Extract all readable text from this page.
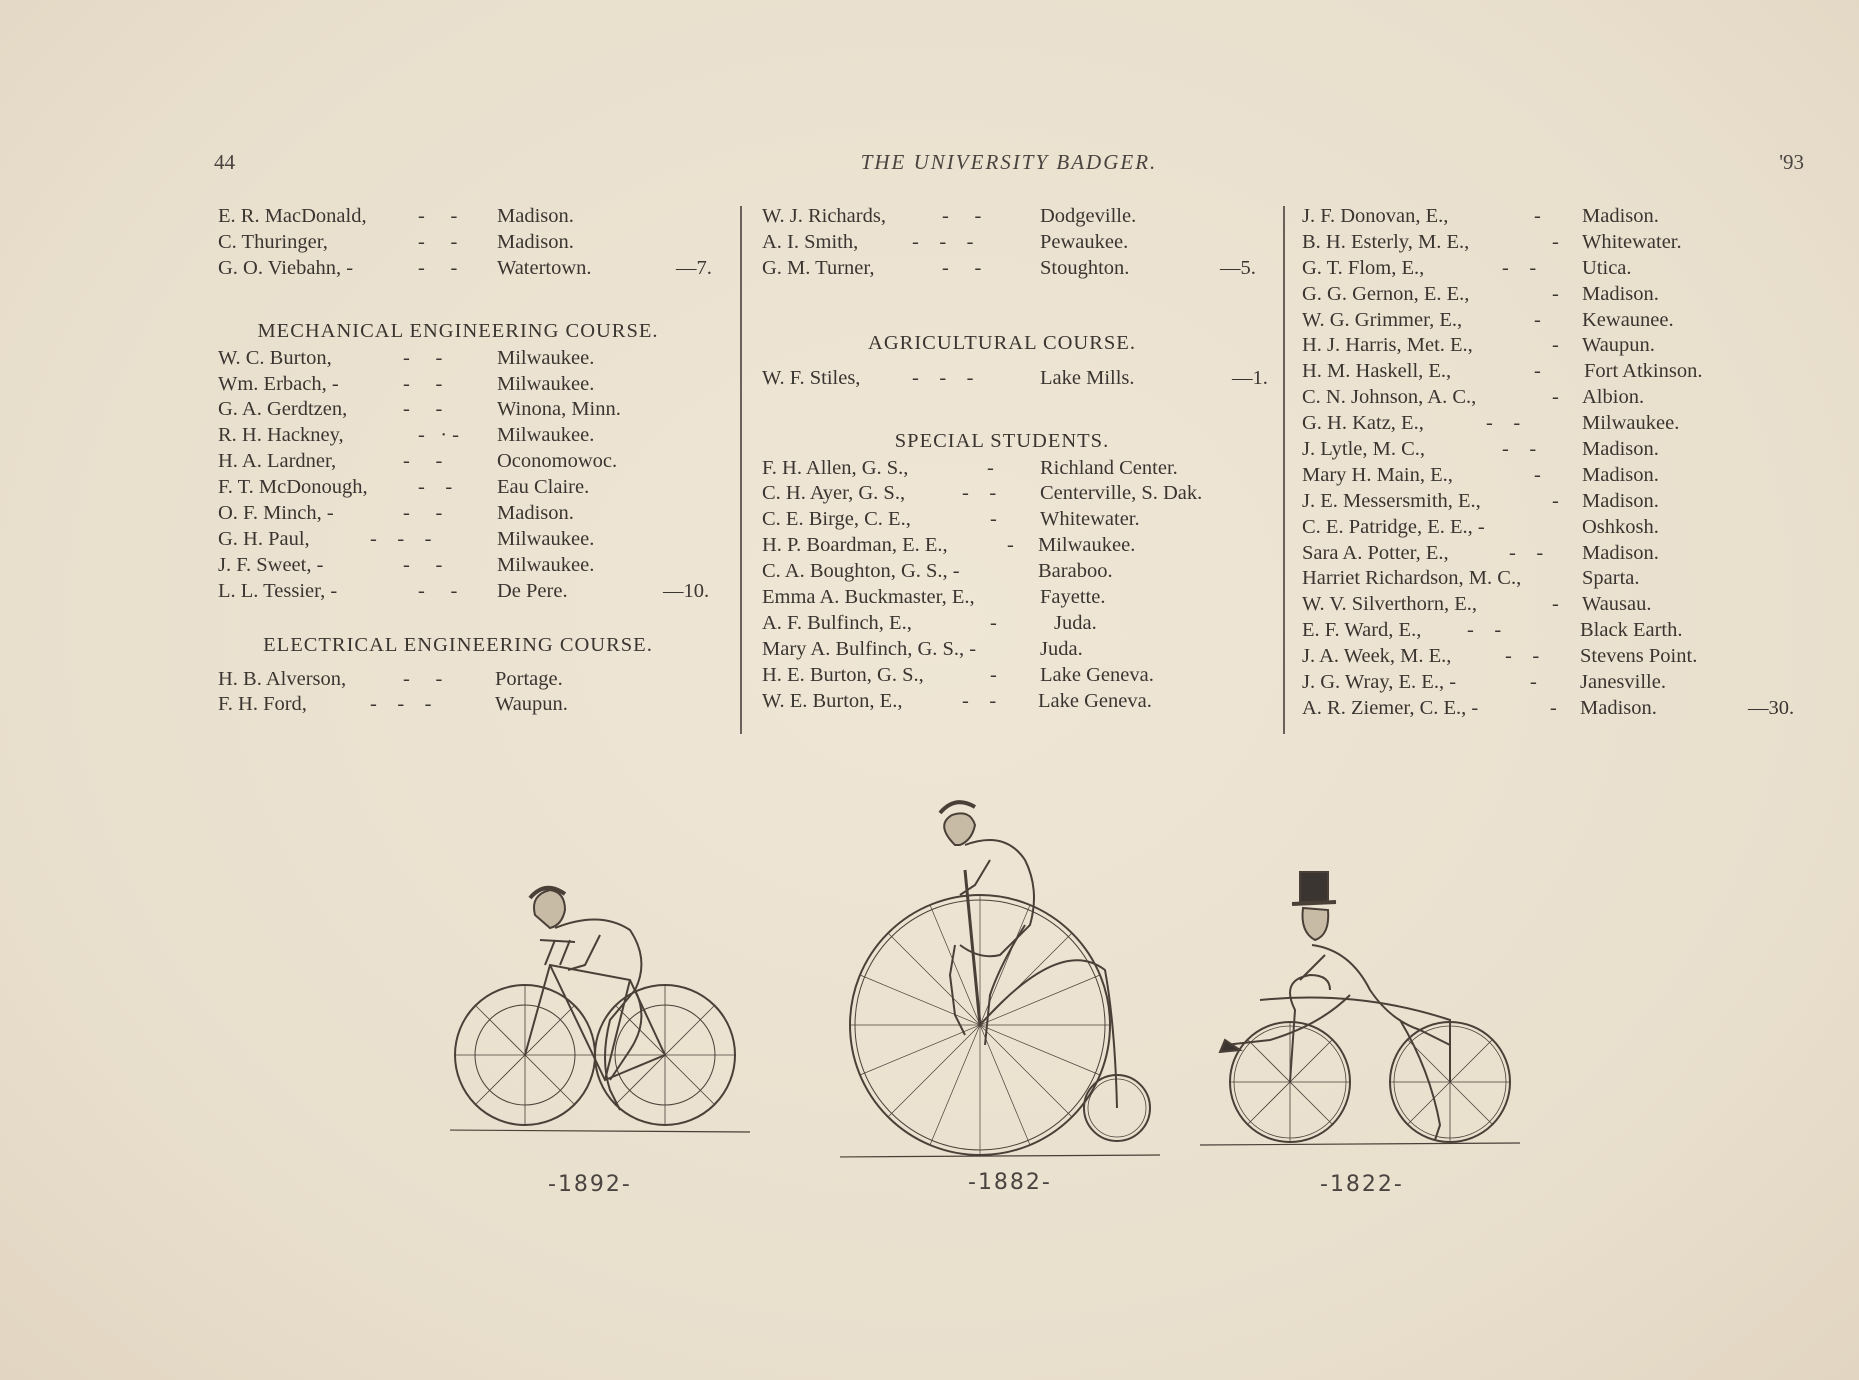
44	THE UNIVERSITY BADGER.	'93
E. R. MacDonald,	-     - Madison.
C. Thuringer,	-     - Madison.
G. O. Viebahn, -	-     - Watertown.	—7.
MECHANICAL ENGINEERING COURSE.
W. C. Burton,	-     -	Milwaukee.
Wm. Erbach, -	-     -	Milwaukee.
G. A. Gerdtzen,	-     -	Winona, Minn.
R. H. Hackney,	-   · - Milwaukee.
H. A. Lardner,	-     -	Oconomowoc.
F. T. McDonough, -    - Eau Claire.
O. F. Minch, -	-     -	Madison.
G. H. Paul,	-    -    -	Milwaukee.
J. F. Sweet, -	-     -	Milwaukee.
L. L. Tessier, -	-     - De Pere.	—10.
ELECTRICAL ENGINEERING COURSE.
H. B. Alverson,	-     -	Portage.
F. H. Ford,	-    -    -	Waupun.
W. J. Richards,	-     -	Dodgeville.
A. I. Smith,	-    -    -	Pewaukee.
G. M. Turner,	-     -	Stoughton.	—5.
AGRICULTURAL COURSE.
W. F. Stiles,	-    -    -	Lake Mills.	—1.
SPECIAL STUDENTS.
F. H. Allen, G. S.,	- Richland Center.
C. H. Ayer, G. S.,	-    - Centerville, S. Dak.
C. E. Birge, C. E.,	- Whitewater.
H. P. Boardman, E. E.,	- Milwaukee.
C. A. Boughton, G. S., -	Baraboo.
Emma A. Buckmaster, E.,	Fayette.
A. F. Bulfinch, E.,	-	Juda.
Mary A. Bulfinch, G. S., -	Juda.
H. E. Burton, G. S.,	- Lake Geneva.
W. E. Burton, E.,	-    - Lake Geneva.
J. F. Donovan, E.,	- Madison.
B. H. Esterly, M. E.,	- Whitewater.
G. T. Flom, E.,	-    - Utica.
G. G. Gernon, E. E.,	- Madison.
W. G. Grimmer, E.,	- Kewaunee.
H. J. Harris, Met. E.,	- Waupun.
H. M. Haskell, E.,	- Fort Atkinson.
C. N. Johnson, A. C.,	- Albion.
G. H. Katz, E.,	-    -	Milwaukee.
J. Lytle, M. C.,	-    - Madison.
Mary H. Main, E.,	- Madison.
J. E. Messersmith, E.,	- Madison.
C. E. Patridge, E. E., -	Oshkosh.
Sara A. Potter, E.,	-    - Madison.
Harriet Richardson, M. C.,	Sparta.
W. V. Silverthorn, E.,	- Wausau.
E. F. Ward, E., -    -	Black Earth.
J. A. Week, M. E.,	-    - Stevens Point.
J. G. Wray, E. E., -	- Janesville.
A. R. Ziemer, C. E., -	- Madison.	—30.
-1892-	-1882-	-1822-
